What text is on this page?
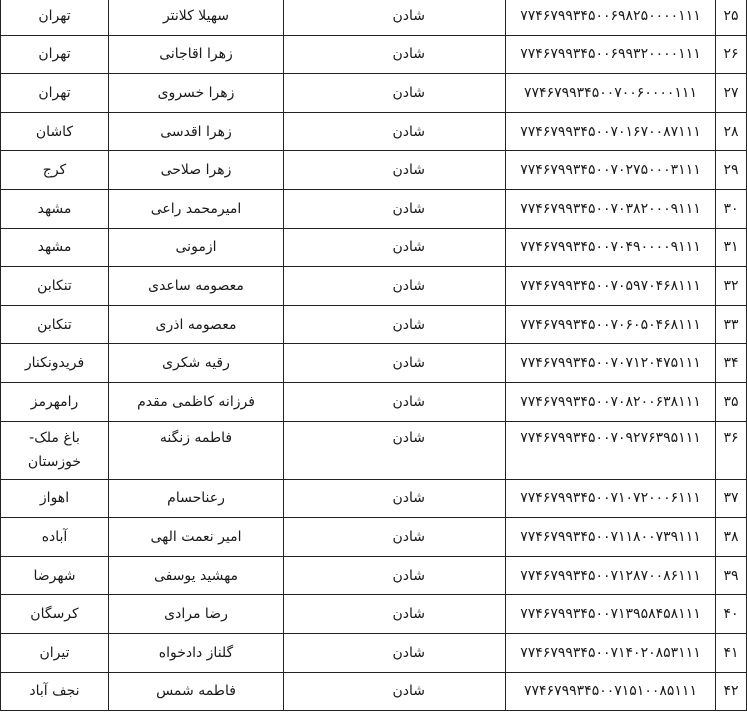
۲۵	۷۷۴۶۷۹۹۳۴۵۰۰۶۹۸۲۵۰۰۰۰۱۱۱	شادن	سهیلا کلانتر	تهران
۲۶	۷۷۴۶۷۹۹۳۴۵۰۰۶۹۹۳۲۰۰۰۰۱۱۱	شادن	زهرا اقاجانی	تهران
۲۷	۷۷۴۶۷۹۹۳۴۵۰۰۷۰۰۶۰۰۰۰۱۱۱	شادن	زهرا خسروی	تهران
۲۸	۷۷۴۶۷۹۹۳۴۵۰۰۷۰۱۶۷۰۰۸۷۱۱۱	شادن	زهرا اقدسی	کاشان
۲۹	۷۷۴۶۷۹۹۳۴۵۰۰۷۰۲۷۵۰۰۰۳۱۱۱	شادن	زهرا صلاحی	کرج
۳۰	۷۷۴۶۷۹۹۳۴۵۰۰۷۰۳۸۲۰۰۰۹۱۱۱	شادن	امیرمحمد راعی	مشهد
۳۱	۷۷۴۶۷۹۹۳۴۵۰۰۷۰۴۹۰۰۰۰۹۱۱۱	شادن	ازمونی	مشهد
۳۲	۷۷۴۶۷۹۹۳۴۵۰۰۷۰۵۹۷۰۴۶۸۱۱۱	شادن	معصومه ساعدی	تنکابن
۳۳	۷۷۴۶۷۹۹۳۴۵۰۰۷۰۶۰۵۰۴۶۸۱۱۱	شادن	معصومه اذری	تنکابن
۳۴	۷۷۴۶۷۹۹۳۴۵۰۰۷۰۷۱۲۰۴۷۵۱۱۱	شادن	رقیه شکری	فریدونکنار
۳۵	۷۷۴۶۷۹۹۳۴۵۰۰۷۰۸۲۰۰۶۳۸۱۱۱	شادن	فرزانه کاظمی مقدم	رامهرمز
۳۶	۷۷۴۶۷۹۹۳۴۵۰۰۷۰۹۲۷۶۳۹۵۱۱۱	شادن	فاطمه زنگنه	باغ ملک-خوزستان
۳۷	۷۷۴۶۷۹۹۳۴۵۰۰۷۱۰۷۲۰۰۰۶۱۱۱	شادن	رعناحسام	اهواز
۳۸	۷۷۴۶۷۹۹۳۴۵۰۰۷۱۱۸۰۰۷۳۹۱۱۱	شادن	امیر نعمت الهی	آباده
۳۹	۷۷۴۶۷۹۹۳۴۵۰۰۷۱۲۸۷۰۰۸۶۱۱۱	شادن	مهشید یوسفی	شهرضا
۴۰	۷۷۴۶۷۹۹۳۴۵۰۰۷۱۳۹۵۸۴۵۸۱۱۱	شادن	رضا مرادی	کرسگان
۴۱	۷۷۴۶۷۹۹۳۴۵۰۰۷۱۴۰۲۰۸۵۳۱۱۱	شادن	گلناز دادخواه	تیران
۴۲	۷۷۴۶۷۹۹۳۴۵۰۰۷۱۵۱۰۰۸۵۱۱۱	شادن	فاطمه شمس	نجف آباد
